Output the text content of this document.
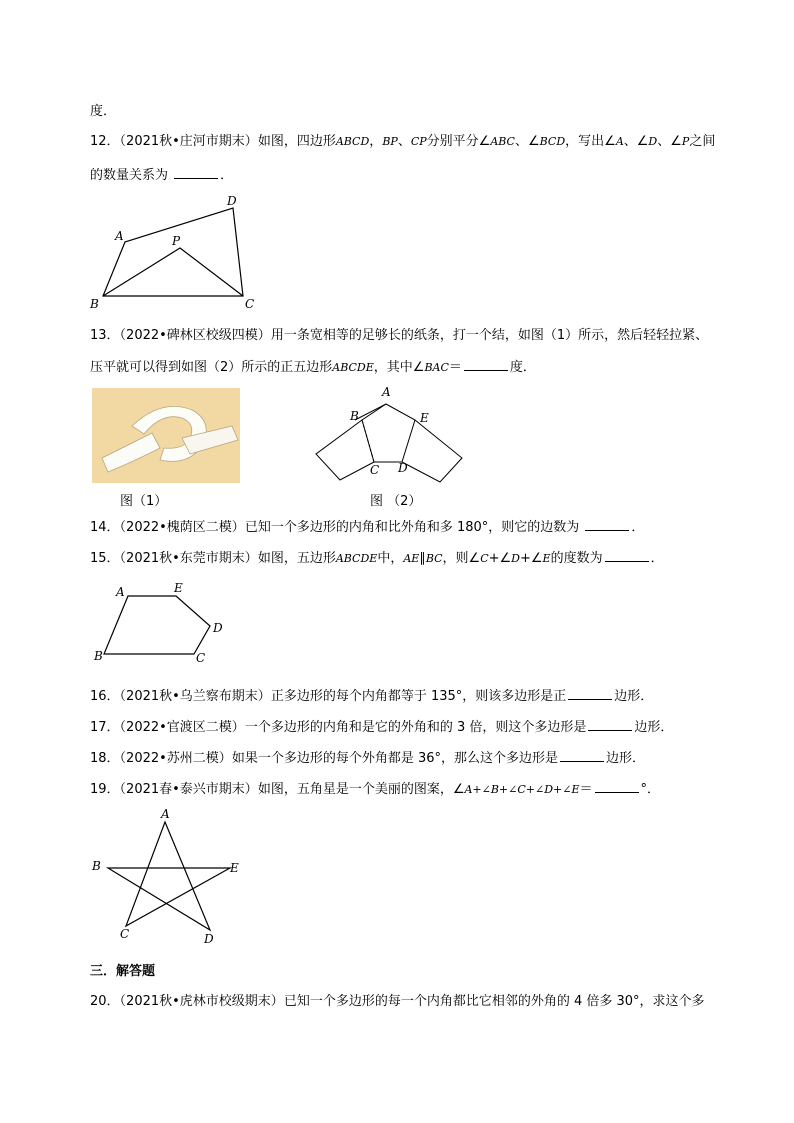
度．
12．（2021秋•庄河市期末）如图，四边形ABCD，BP、CP分别平分∠ABC、∠BCD，写出∠A、∠D、∠P之间
的数量关系为	．
A
D
P
B	C
13．（2022•碑林区校级四模）用一条宽相等的足够长的纸条，打一个结，如图（1）所示，然后轻轻拉紧、
压平就可以得到如图（2）所示的正五边形ABCDE，其中∠BAC＝	度．
图（1）
A
B	E
C D
图 （2）
14．（2022•槐荫区二模）已知一个多边形的内角和比外角和多 180°，则它的边数为	．
15．（2021秋•东莞市期末）如图，五边形ABCDE中，AE∥BC，则∠C+∠D+∠E的度数为	．
A	E
D
B	C
16．（2021秋•乌兰察布期末）正多边形的每个内角都等于 135°，则该多边形是正	边形．
17．（2022•官渡区二模）一个多边形的内角和是它的外角和的 3 倍，则这个多边形是	边形．
18．（2022•苏州二模）如果一个多边形的每个外角都是 36°，那么这个多边形是	边形．
19．（2021春•泰兴市期末）如图，五角星是一个美丽的图案，∠A+∠B+∠C+∠D+∠E＝	°．
A
B	E
C	D
三．解答题
20．（2021秋•虎林市校级期末）已知一个多边形的每一个内角都比它相邻的外角的 4 倍多 30°，求这个多
